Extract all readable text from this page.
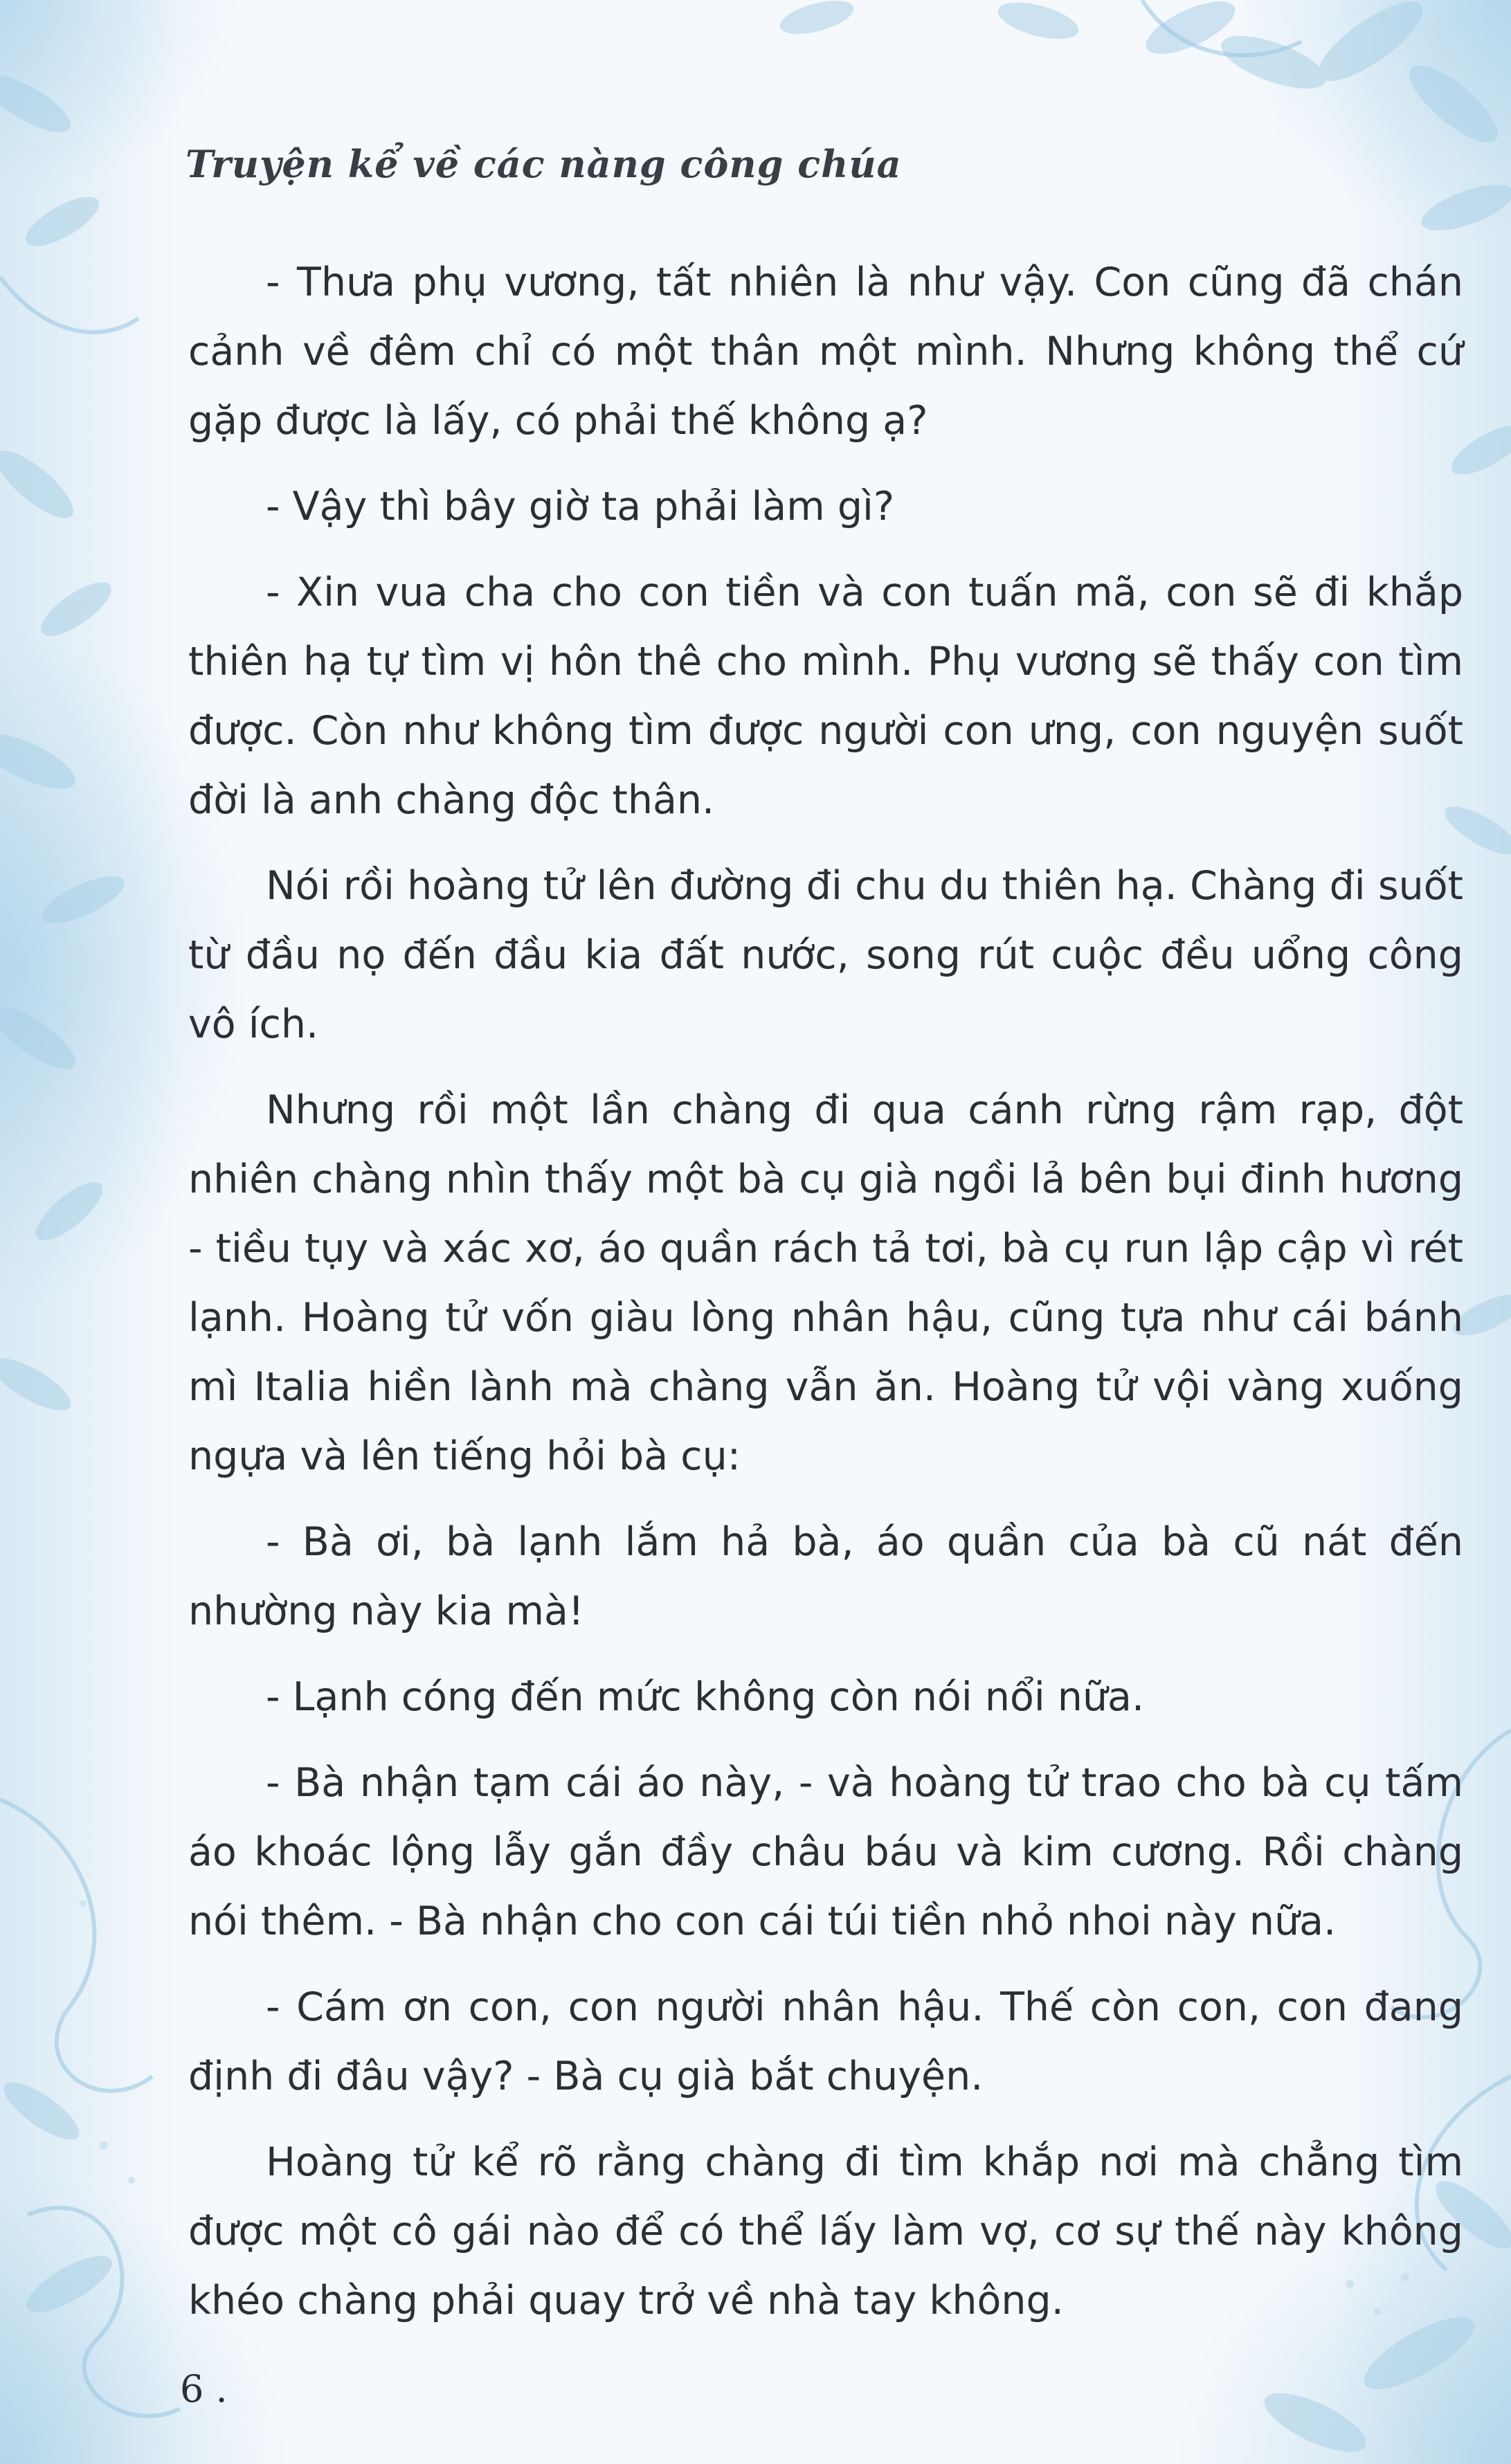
Truyện kể về các nàng công chúa

- Thưa phụ vương, tất nhiên là như vậy. Con cũng đã chán cảnh về đêm chỉ có một thân một mình. Nhưng không thể cứ gặp được là lấy, có phải thế không ạ?

- Vậy thì bây giờ ta phải làm gì?

- Xin vua cha cho con tiền và con tuấn mã, con sẽ đi khắp thiên hạ tự tìm vị hôn thê cho mình. Phụ vương sẽ thấy con tìm được. Còn như không tìm được người con ưng, con nguyện suốt đời là anh chàng độc thân.

Nói rồi hoàng tử lên đường đi chu du thiên hạ. Chàng đi suốt từ đầu nọ đến đầu kia đất nước, song rút cuộc đều uổng công vô ích.

Nhưng rồi một lần chàng đi qua cánh rừng rậm rạp, đột nhiên chàng nhìn thấy một bà cụ già ngồi lả bên bụi đinh hương - tiều tụy và xác xơ, áo quần rách tả tơi, bà cụ run lập cập vì rét lạnh. Hoàng tử vốn giàu lòng nhân hậu, cũng tựa như cái bánh mì Italia hiền lành mà chàng vẫn ăn. Hoàng tử vội vàng xuống ngựa và lên tiếng hỏi bà cụ:

- Bà ơi, bà lạnh lắm hả bà, áo quần của bà cũ nát đến nhường này kia mà!

- Lạnh cóng đến mức không còn nói nổi nữa.

- Bà nhận tạm cái áo này, - và hoàng tử trao cho bà cụ tấm áo khoác lộng lẫy gắn đầy châu báu và kim cương. Rồi chàng nói thêm. - Bà nhận cho con cái túi tiền nhỏ nhoi này nữa.

- Cám ơn con, con người nhân hậu. Thế còn con, con đang định đi đâu vậy? - Bà cụ già bắt chuyện.

Hoàng tử kể rõ rằng chàng đi tìm khắp nơi mà chẳng tìm được một cô gái nào để có thể lấy làm vợ, cơ sự thế này không khéo chàng phải quay trở về nhà tay không.

6 .
